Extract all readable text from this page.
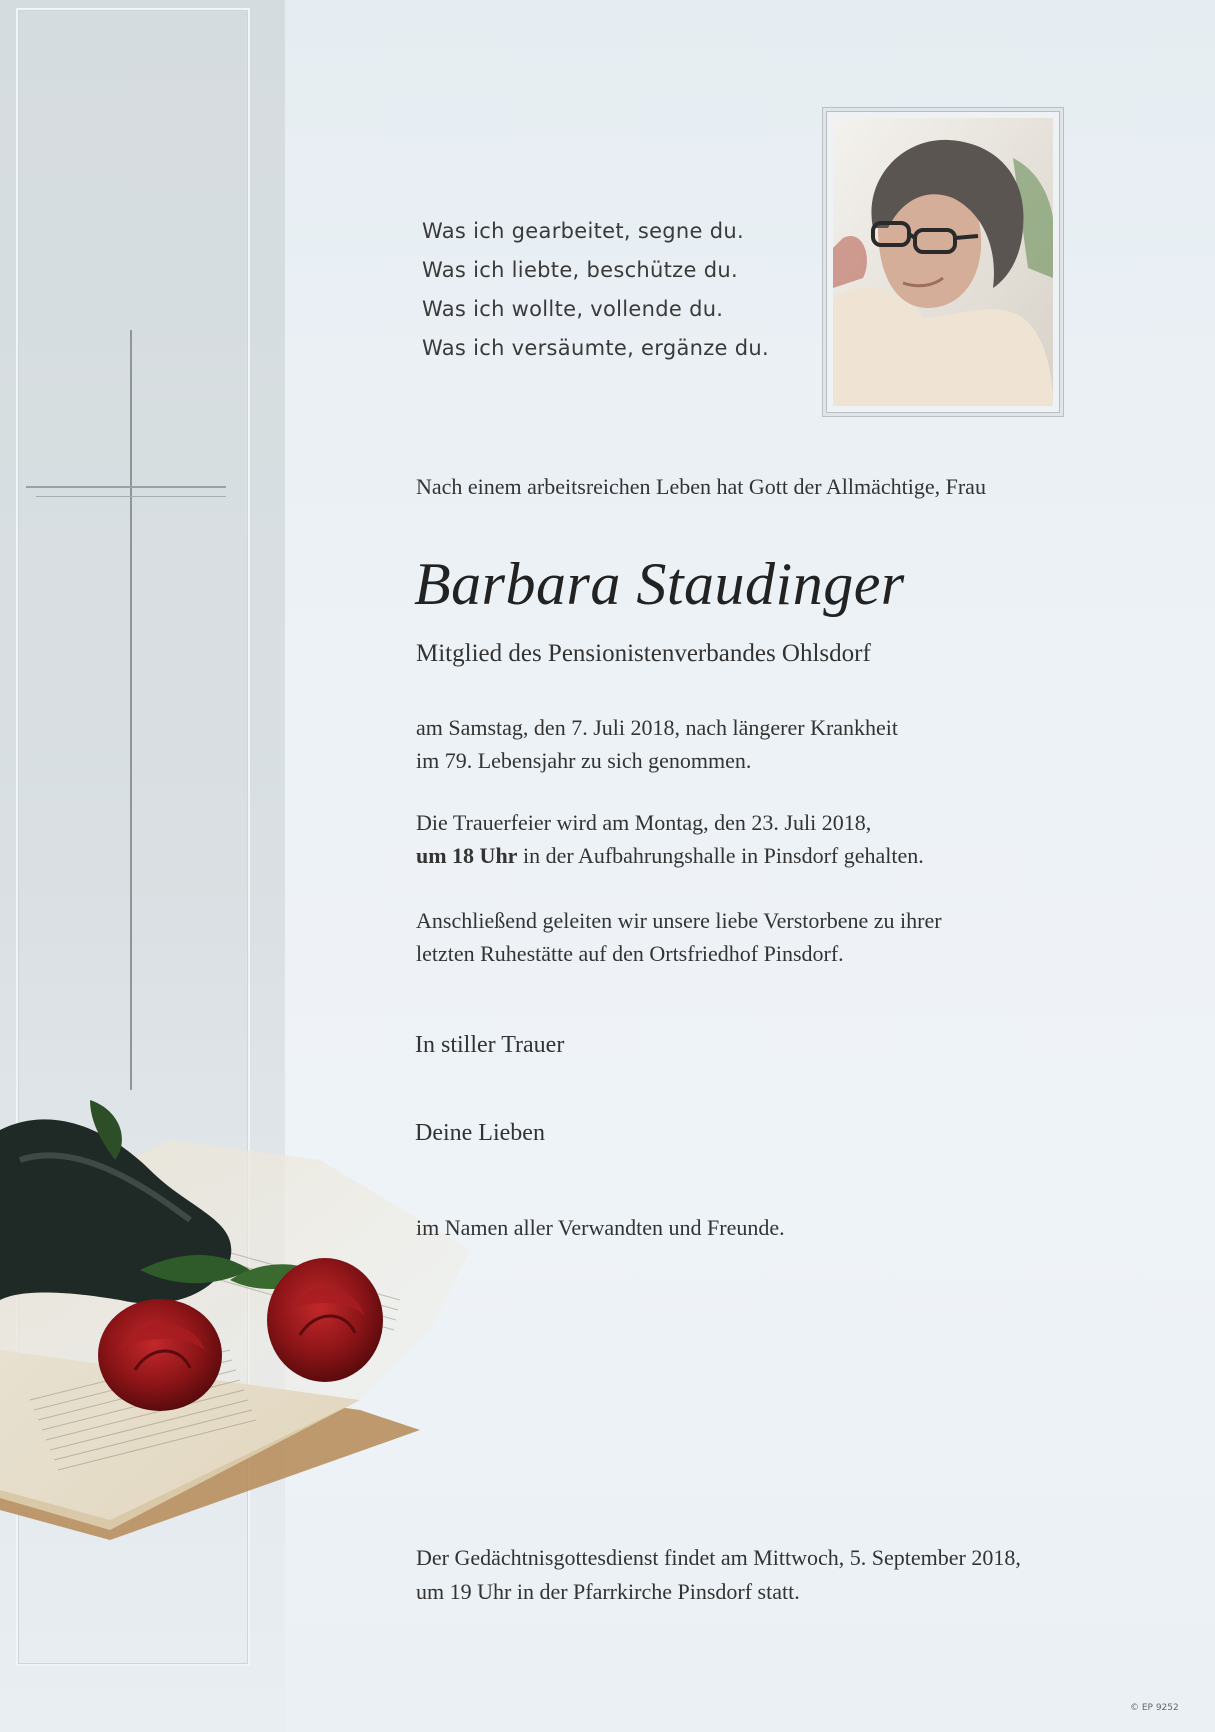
Was ich gearbeitet, segne du.
Was ich liebte, beschütze du.
Was ich wollte, vollende du.
Was ich versäumte, ergänze du.
Nach einem arbeitsreichen Leben hat Gott der Allmächtige, Frau
Barbara Staudinger
Mitglied des Pensionistenverbandes Ohlsdorf
am Samstag, den 7. Juli 2018, nach längerer Krankheit
im 79. Lebensjahr zu sich genommen.
Die Trauerfeier wird am Montag, den 23. Juli 2018,
um 18 Uhr in der Aufbahrungshalle in Pinsdorf gehalten.
Anschließend geleiten wir unsere liebe Verstorbene zu ihrer
letzten Ruhestätte auf den Ortsfriedhof Pinsdorf.
In stiller Trauer
Deine Lieben
im Namen aller Verwandten und Freunde.
Der Gedächtnisgottesdienst findet am Mittwoch, 5. September 2018,
um 19 Uhr in der Pfarrkirche Pinsdorf statt.
© EP 9252
